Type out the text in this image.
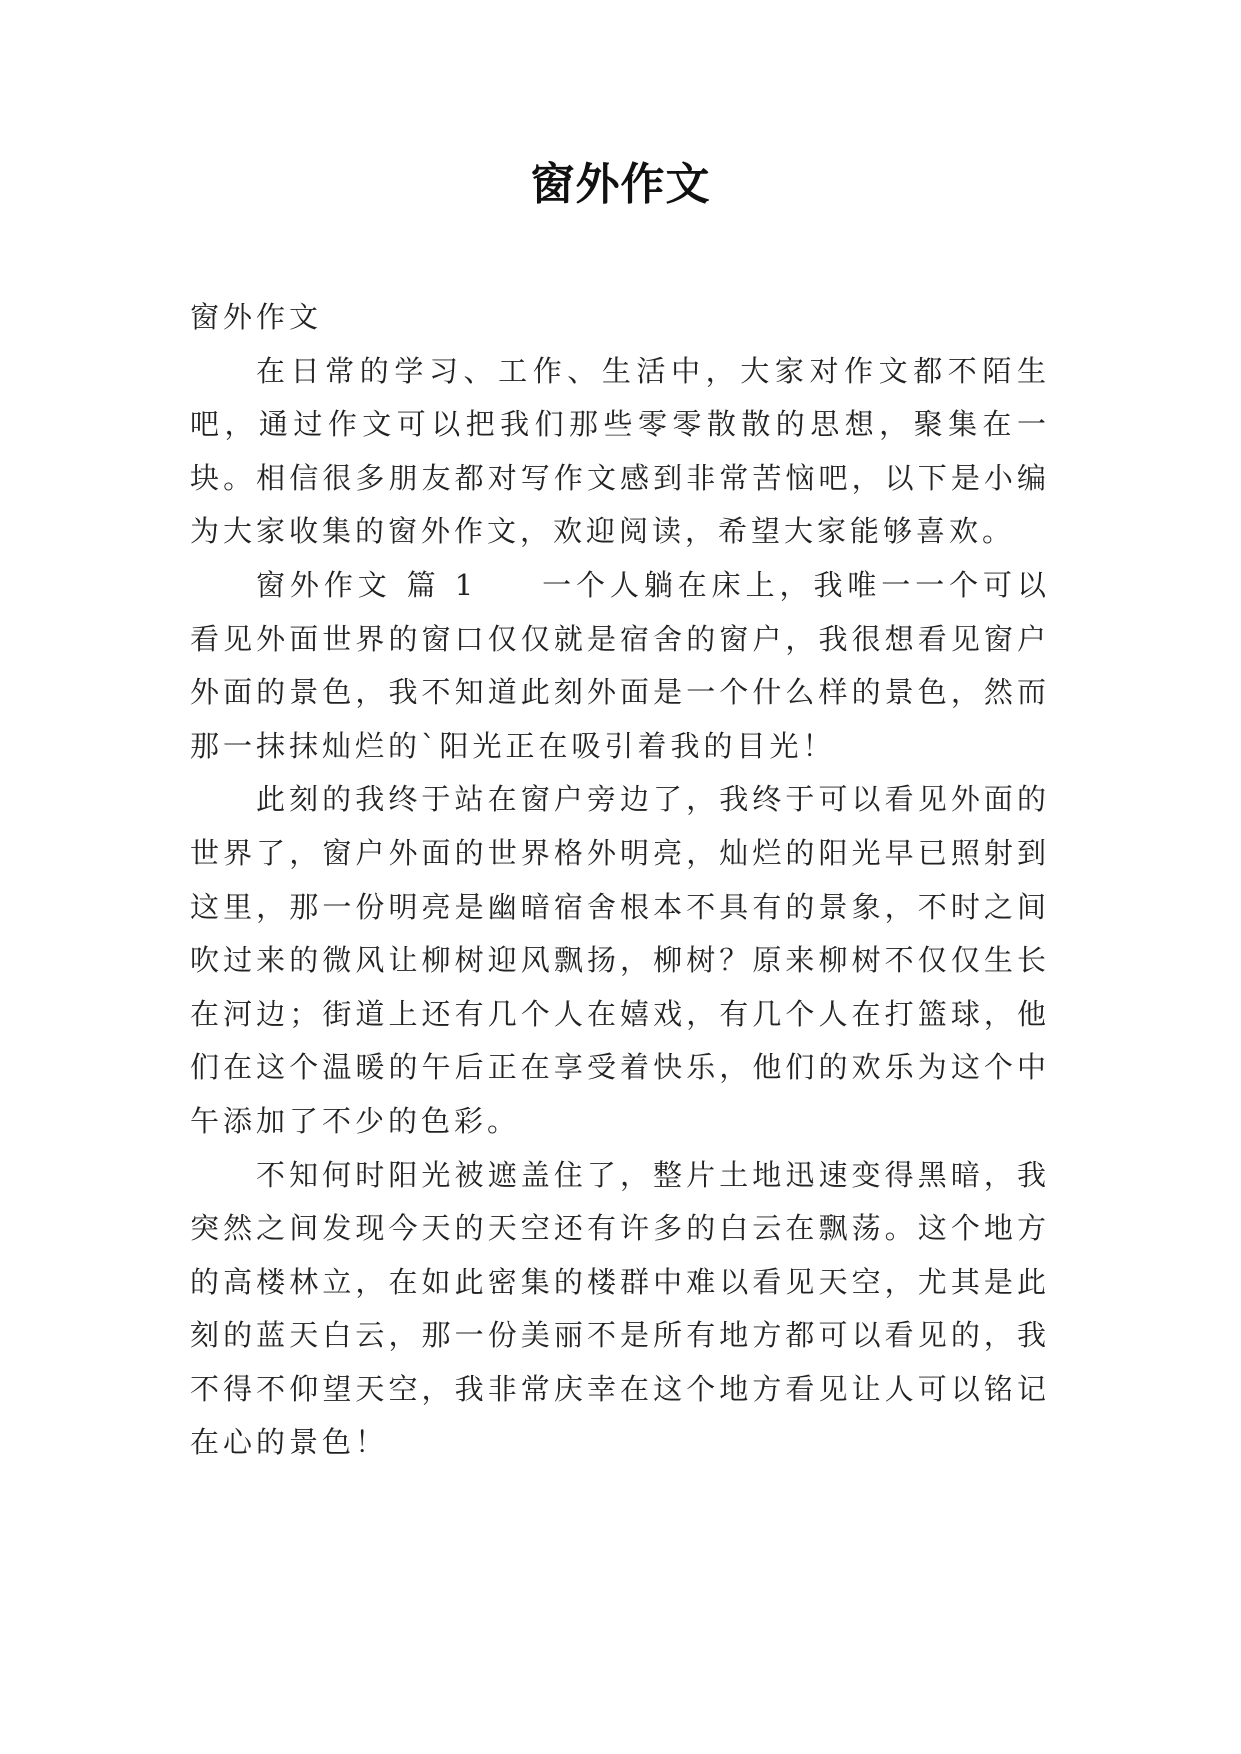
窗外作文

窗外作文

在日常的学习、工作、生活中，大家对作文都不陌生吧，通过作文可以把我们那些零零散散的思想，聚集在一块。相信很多朋友都对写作文感到非常苦恼吧，以下是小编为大家收集的窗外作文，欢迎阅读，希望大家能够喜欢。

窗外作文 篇 1 一个人躺在床上，我唯一一个可以看见外面世界的窗口仅仅就是宿舍的窗户，我很想看见窗户外面的景色，我不知道此刻外面是一个什么样的景色，然而那一抹抹灿烂的`阳光正在吸引着我的目光！

此刻的我终于站在窗户旁边了，我终于可以看见外面的世界了，窗户外面的世界格外明亮，灿烂的阳光早已照射到这里，那一份明亮是幽暗宿舍根本不具有的景象，不时之间吹过来的微风让柳树迎风飘扬，柳树？原来柳树不仅仅生长在河边；街道上还有几个人在嬉戏，有几个人在打篮球，他们在这个温暖的午后正在享受着快乐，他们的欢乐为这个中午添加了不少的色彩。

不知何时阳光被遮盖住了，整片土地迅速变得黑暗，我突然之间发现今天的天空还有许多的白云在飘荡。这个地方的高楼林立，在如此密集的楼群中难以看见天空，尤其是此刻的蓝天白云，那一份美丽不是所有地方都可以看见的，我不得不仰望天空，我非常庆幸在这个地方看见让人可以铭记在心的景色！
